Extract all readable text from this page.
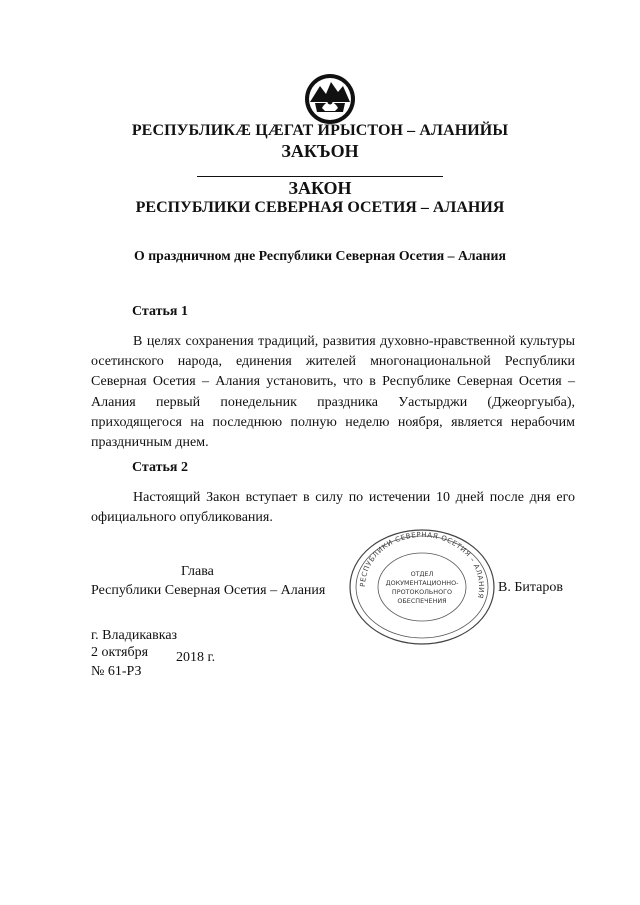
РЕСПУБЛИКӔ ЦӔГАТ ИРЫСТОН – АЛАНИЙЫ
ЗАКЪОН
ЗАКОН
РЕСПУБЛИКИ СЕВЕРНАЯ ОСЕТИЯ – АЛАНИЯ
О праздничном дне Республики Северная Осетия – Алания
Статья 1
В целях сохранения традиций, развития духовно-нравственной культуры осетинского народа, единения жителей многонациональной Республики Северная Осетия – Алания установить, что в Республике Северная Осетия – Алания первый понедельник праздника Уастырджи (Джеоргуыба), приходящегося на последнюю полную неделю ноября, является нерабочим праздничным днем.
Статья 2
Настоящий Закон вступает в силу по истечении 10 дней после дня его официального опубликования.
Глава
Республики Северная Осетия – Алания	РЕСПУБЛИКИ СЕВЕРНАЯ ОСЕТИЯ – АЛАНИЯ
ОТДЕЛ
ДОКУМЕНТАЦИОННО-
ПРОТОКОЛЬНОГО
ОБЕСПЕЧЕНИЯ
В. Битаров
г. Владикавказ
2 октября 2018 г.
№ 61-РЗ
